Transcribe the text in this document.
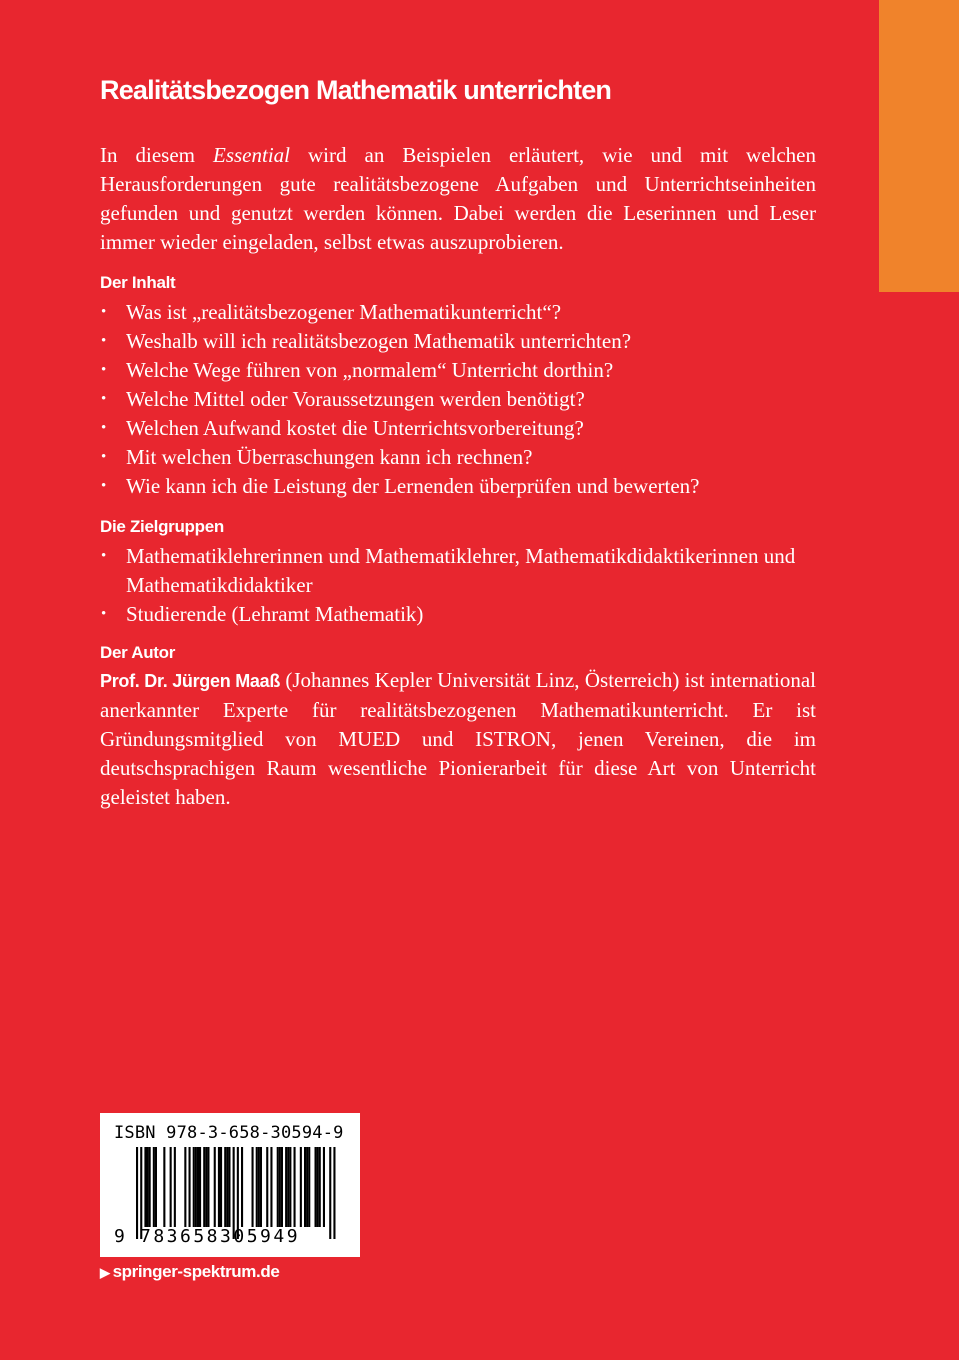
Realitätsbezogen Mathematik unterrichten

In diesem Essential wird an Beispielen erläutert, wie und mit welchen Herausforderungen gute realitätsbezogene Aufgaben und Unterrichtseinheiten gefunden und genutzt werden können. Dabei werden die Leserinnen und Leser immer wieder eingeladen, selbst etwas auszuprobieren.

Der Inhalt
• Was ist „realitätsbezogener Mathematikunterricht“?
• Weshalb will ich realitätsbezogen Mathematik unterrichten?
• Welche Wege führen von „normalem“ Unterricht dorthin?
• Welche Mittel oder Voraussetzungen werden benötigt?
• Welchen Aufwand kostet die Unterrichtsvorbereitung?
• Mit welchen Überraschungen kann ich rechnen?
• Wie kann ich die Leistung der Lernenden überprüfen und bewerten?
Die Zielgruppen
• Mathematiklehrerinnen und Mathematiklehrer, Mathematikdidaktikerinnen und Mathematikdidaktiker
• Studierende (Lehramt Mathematik)
Der Autor

Prof. Dr. Jürgen Maaß (Johannes Kepler Universität Linz, Österreich) ist international anerkannter Experte für realitätsbezogenen Mathematikunterricht. Er ist Gründungsmitglied von MUED und ISTRON, jenen Vereinen, die im deutschsprachigen Raum wesentliche Pionierarbeit für diese Art von Unterricht geleistet haben.

ISBN 978-3-658-30594-9
9 783658305949
▶ springer-spektrum.de
